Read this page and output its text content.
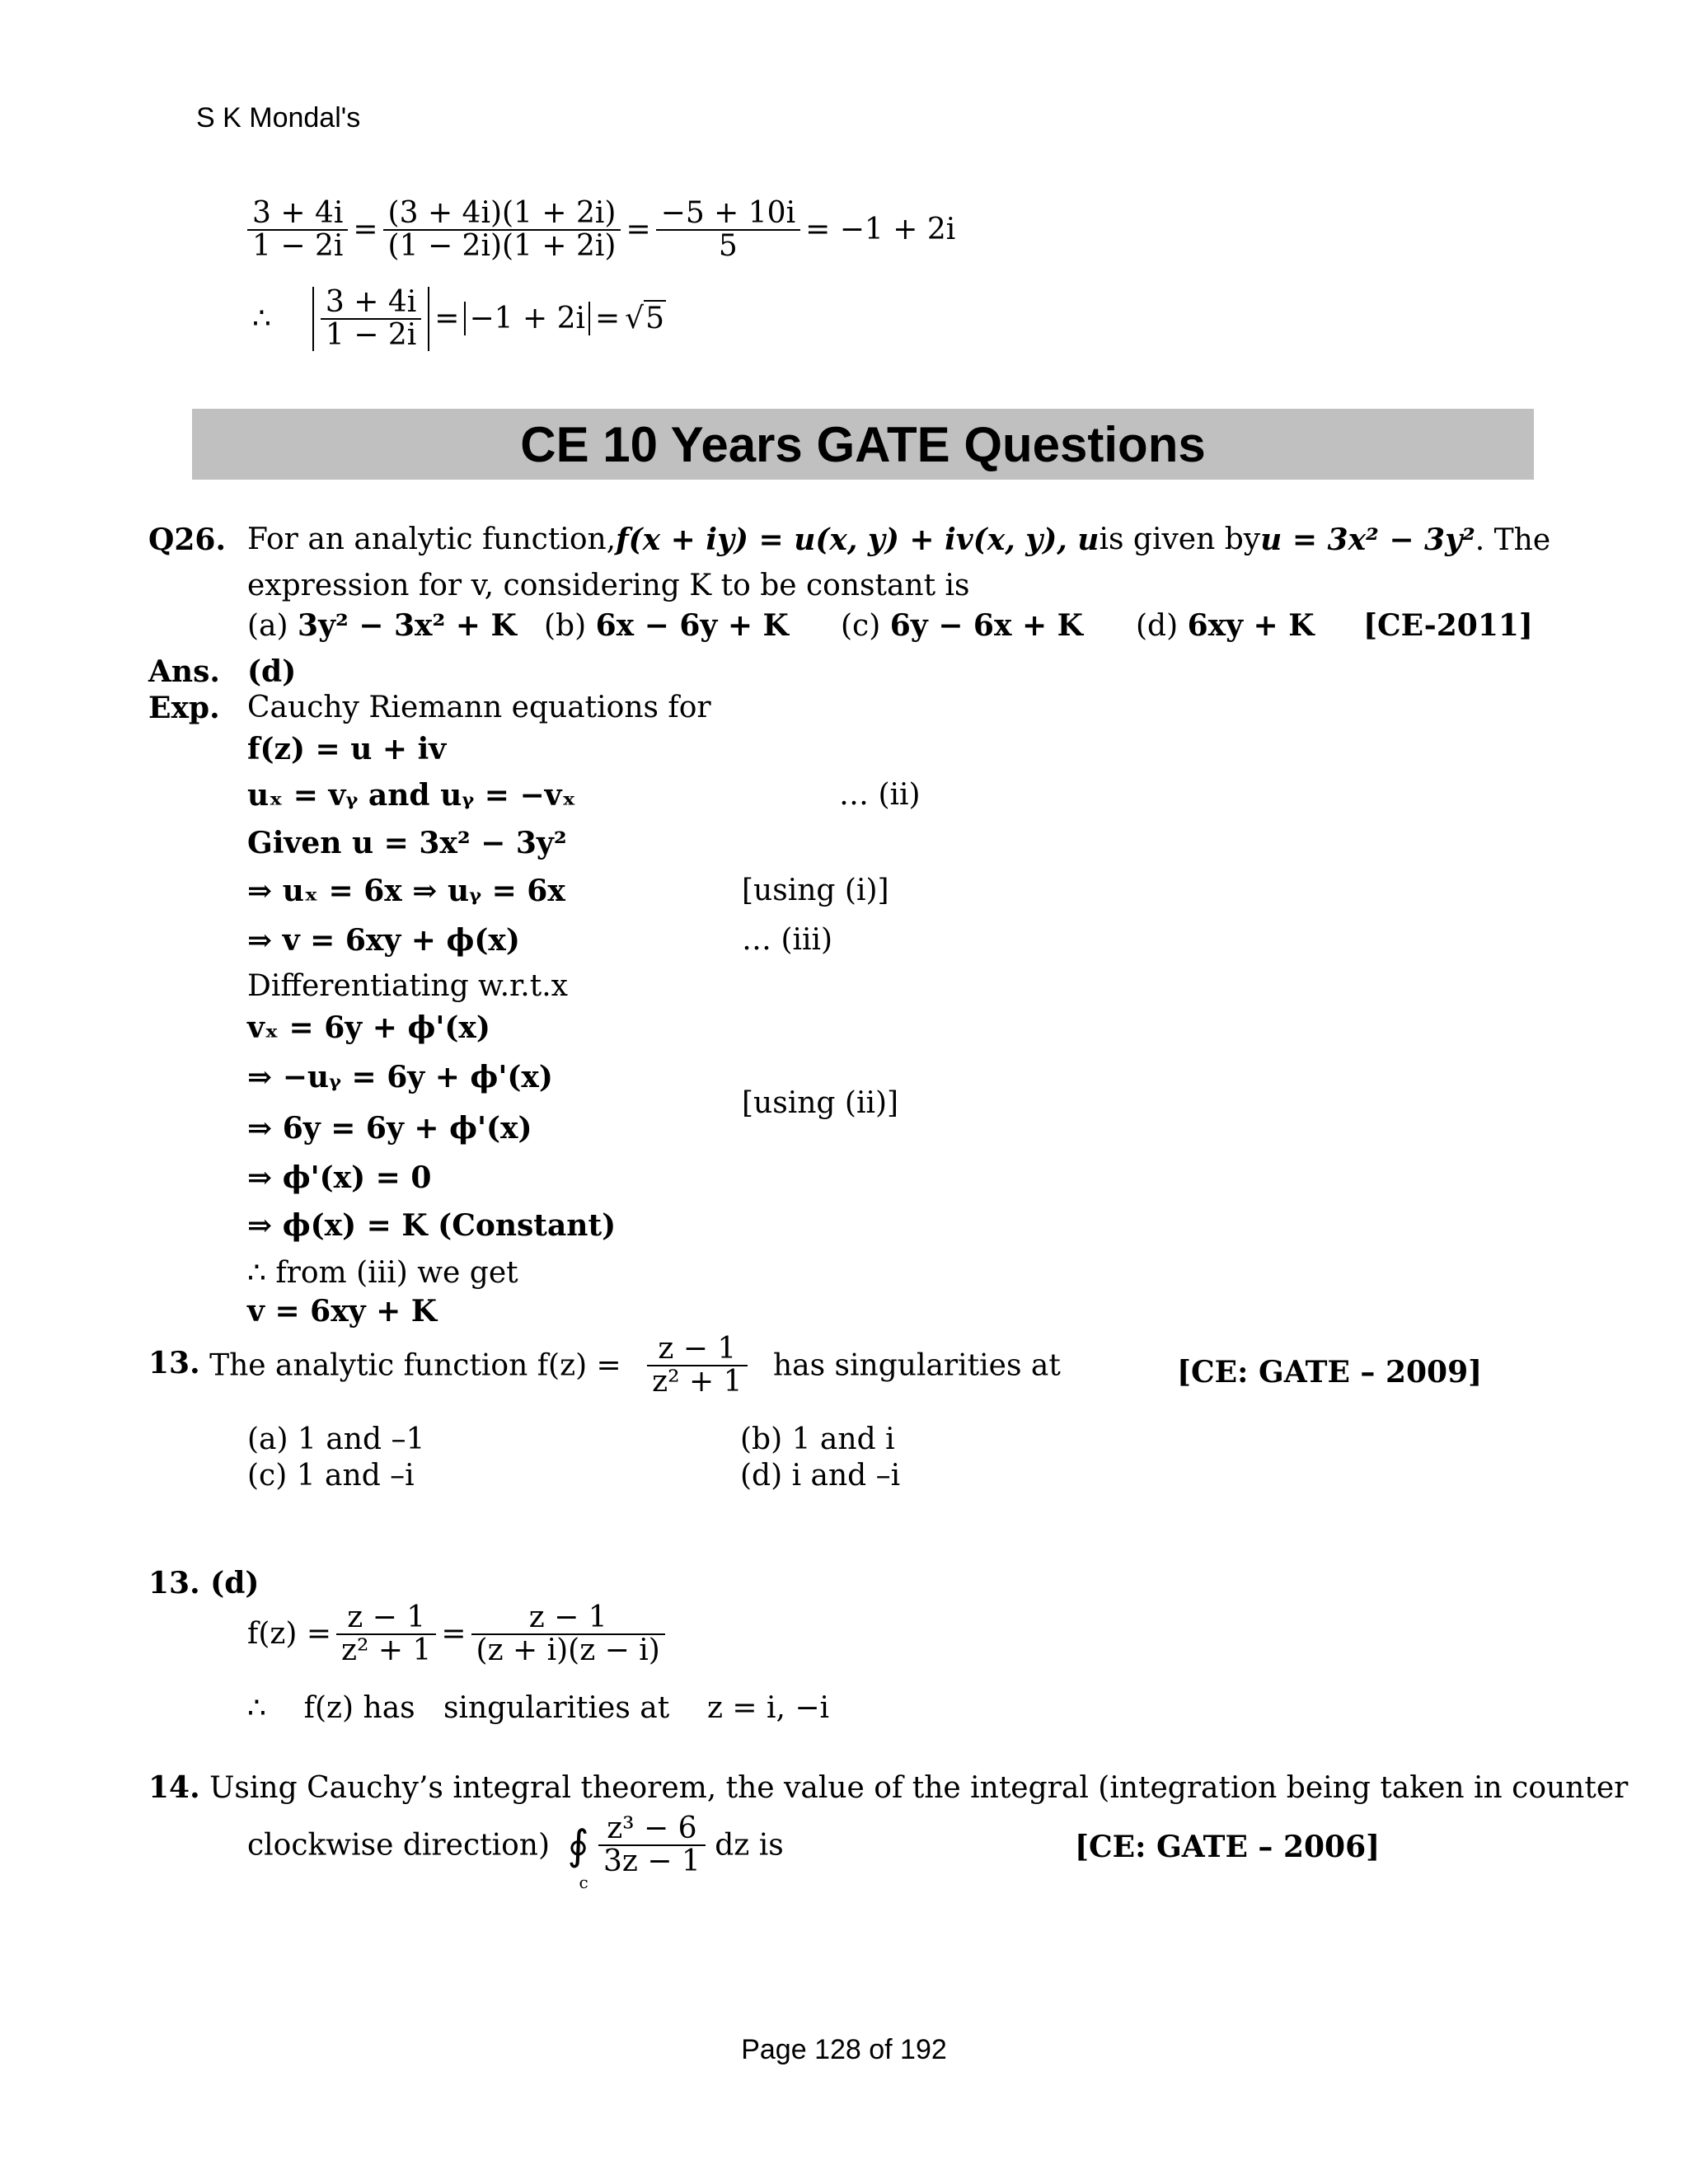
S K Mondal's
$\frac{3 + 4i}{1 - 2i} = \frac{(3 + 4i)(1 + 2i)}{(1 - 2i)(1 + 2i)} = \frac{-5 + 10i}{5} = -1 + 2i$
∴ $\frac{3 + 4i}{1 - 2i} = -1 + 2i = √5$
CE 10 Years GATE Questions
Q26. For an analytic function, f(x + iy) = u(x, y) + iv(x, y), u is given by u = 3x² − 3y². The
expression for v, considering K to be constant is
(a) 3y² − 3x² + K (b) 6x − 6y + K (c) 6y − 6x + K (d) 6xy + K [CE-2011]
Ans. (d)
Exp. Cauchy Riemann equations for
f(z) = u + iv
uₓ = vᵧ and uᵧ = −vₓ	… (ii)
Given u = 3x² − 3y²
⇒ uₓ = 6x ⇒ uᵧ = 6x	[using (i)]
⇒ v = 6xy + ϕ(x)	… (iii)
Differentiating w.r.t.x
vₓ = 6y + ϕ'(x)
⇒ −uᵧ = 6y + ϕ'(x)
[using (ii)]
⇒ 6y = 6y + ϕ'(x)
⇒ ϕ'(x) = 0
⇒ ϕ(x) = K (Constant)
∴ from (iii) we get
v = 6xy + K
13. The analytic function $f(z) = \frac{z - 1}{\text{z² + 1}}$ has singularities at	[CE: GATE – 2009]
(a) 1 and –1	(b) 1 and i
(c) 1 and –i	(d) i and –i
13. (d)
$f(z) = \frac{z - 1}{\text{z² + 1}} = \frac{z - 1}{(z + i)(z - i)}$
∴    f(z) has   singularities at    z = i, −i
14. Using Cauchy’s integral theorem, the value of the integral (integration being taken in counter
clockwise direction) ∮
c

$\frac{\text{z³ − 6}}{3z - 1}$ dz is	[CE: GATE – 2006]
Page 128 of 192
